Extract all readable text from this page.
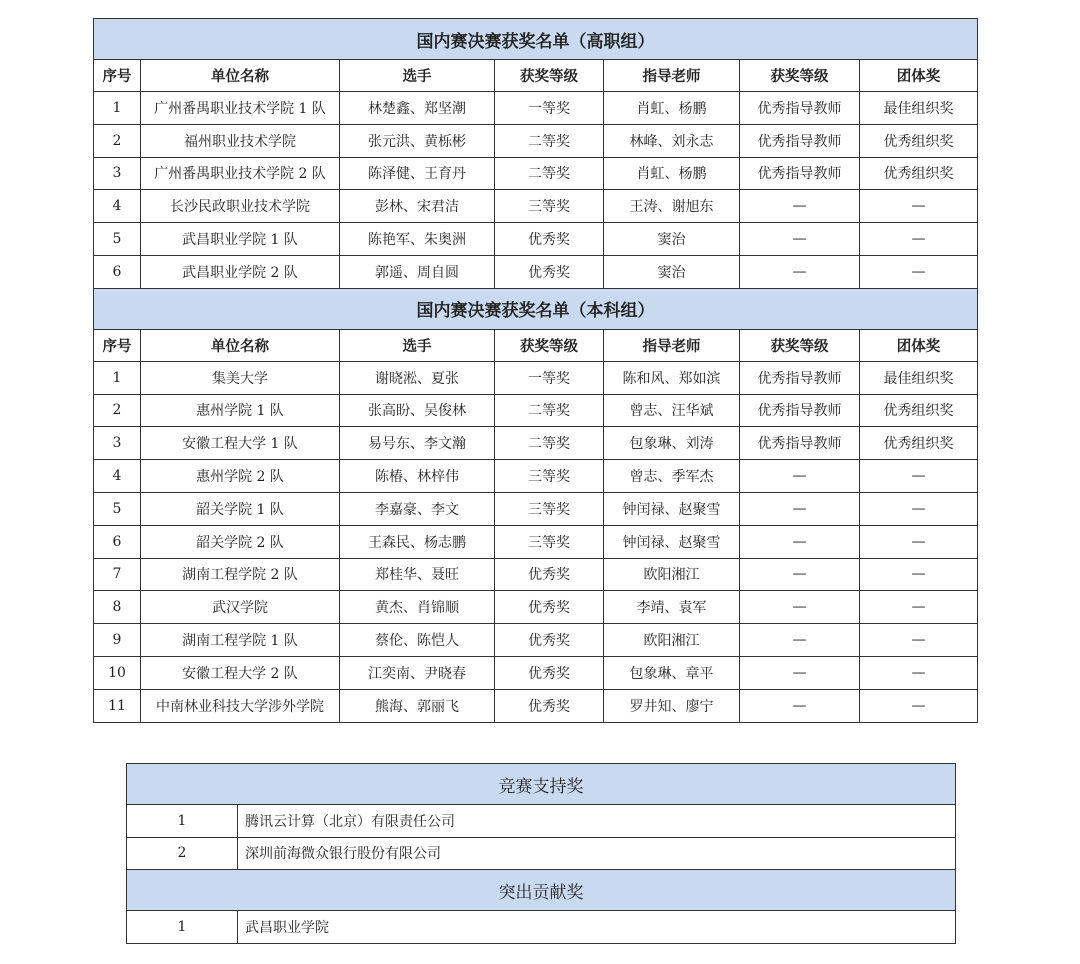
国内赛决赛获奖名单（高职组）						
序号	单位名称	选手	获奖等级	指导老师	获奖等级	团体奖
1	广州番禺职业技术学院 1 队	林楚鑫、郑坚潮	一等奖	肖虹、杨鹏	优秀指导教师	最佳组织奖
2	福州职业技术学院	张元洪、黄栎彬	二等奖	林峰、刘永志	优秀指导教师	优秀组织奖
3	广州番禺职业技术学院 2 队	陈泽健、王育丹	二等奖	肖虹、杨鹏	优秀指导教师	优秀组织奖
4	长沙民政职业技术学院	彭林、宋君洁	三等奖	王涛、谢旭东	—	—
5	武昌职业学院 1 队	陈艳军、朱奥洲	优秀奖	窦治	—	—
6	武昌职业学院 2 队	郭遥、周自圆	优秀奖	窦治	—	—
国内赛决赛获奖名单（本科组）						
序号	单位名称	选手	获奖等级	指导老师	获奖等级	团体奖
1	集美大学	谢晓淞、夏张	一等奖	陈和风、郑如滨	优秀指导教师	最佳组织奖
2	惠州学院 1 队	张高盼、吴俊林	二等奖	曾志、汪华斌	优秀指导教师	优秀组织奖
3	安徽工程大学 1 队	易号东、李文瀚	二等奖	包象琳、刘涛	优秀指导教师	优秀组织奖
4	惠州学院 2 队	陈椿、林梓伟	三等奖	曾志、季军杰	—	—
5	韶关学院 1 队	李嘉豪、李文	三等奖	钟闰禄、赵聚雪	—	—
6	韶关学院 2 队	王森民、杨志鹏	三等奖	钟闰禄、赵聚雪	—	—
7	湖南工程学院 2 队	郑桂华、聂旺	优秀奖	欧阳湘江	—	—
8	武汉学院	黄杰、肖锦顺	优秀奖	李靖、袁军	—	—
9	湖南工程学院 1 队	蔡伦、陈恺人	优秀奖	欧阳湘江	—	—
10	安徽工程大学 2 队	江奕南、尹晓春	优秀奖	包象琳、章平	—	—
11	中南林业科技大学涉外学院	熊海、郭丽飞	优秀奖	罗井知、廖宁	—	—
竞赛支持奖	
1	腾讯云计算（北京）有限责任公司
2	深圳前海微众银行股份有限公司
突出贡献奖	
1	武昌职业学院
